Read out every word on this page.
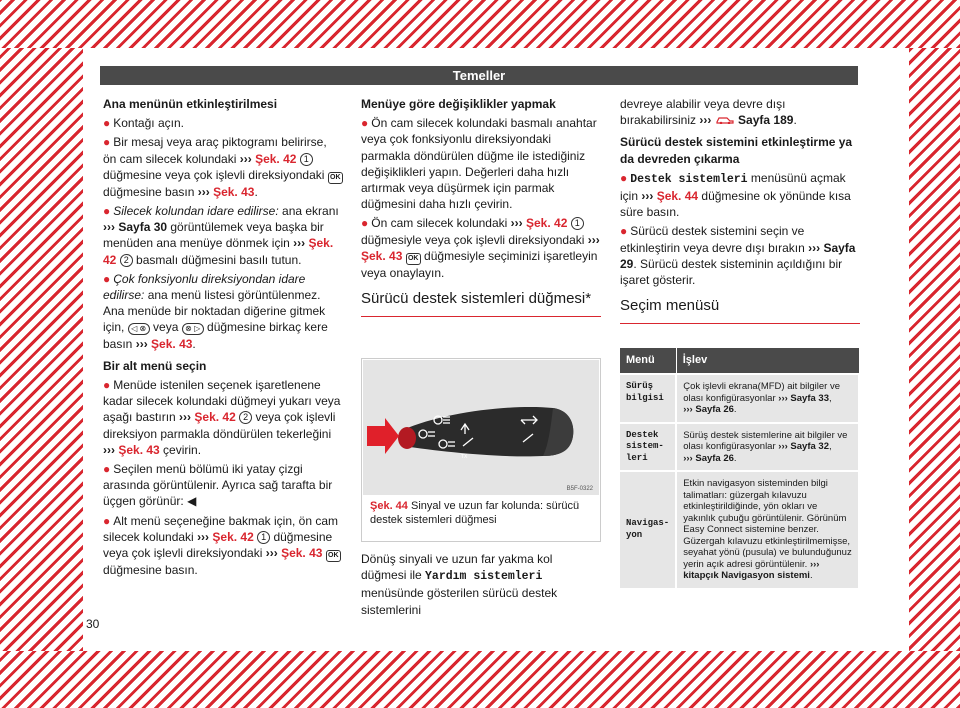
Temeller
Ana menünün etkinleştirilmesi

● Kontağı açın.

● Bir mesaj veya araç piktogramı belirirse, ön cam silecek kolundaki ››› Şek. 42 1 düğmesine veya çok işlevli direksiyondaki OK düğmesine basın ››› Şek. 43.

● Silecek kolundan idare edilirse: ana ekranı ››› Sayfa 30 görüntülemek veya başka bir menüden ana menüye dönmek için ››› Şek. 42 2 basmalı düğmesini basılı tutun.

● Çok fonksiyonlu direksiyondan idare edilirse: ana menü listesi görüntülenmez. Ana menüde bir noktadan diğerine gitmek için, ◁ ⊗ veya ⊗ ▷ düğmesine birkaç kere basın ››› Şek. 43.

Bir alt menü seçin

● Menüde istenilen seçenek işaretlenene kadar silecek kolundaki düğmeyi yukarı veya aşağı bastırın ››› Şek. 42 2 veya çok işlevli direksiyon parmakla döndürülen tekerleğini ››› Şek. 43 çevirin.

● Seçilen menü bölümü iki yatay çizgi arasında görüntülenir. Ayrıca sağ tarafta bir üçgen görünür: ◀

● Alt menü seçeneğine bakmak için, ön cam silecek kolundaki ››› Şek. 42 1 düğmesine veya çok işlevli direksiyondaki ››› Şek. 43 OK düğmesine basın.

Menüye göre değişiklikler yapmak

● Ön cam silecek kolundaki basmalı anahtar veya çok fonksiyonlu direksiyondaki parmakla döndürülen düğme ile istediğiniz değişiklikleri yapın. Değerleri daha hızlı artırmak veya düşürmek için parmak düğmesini daha hızlı çevirin.

● Ön cam silecek kolundaki ››› Şek. 42 1 düğmesiyle veya çok işlevli direksiyondaki ››› Şek. 43 OK düğmesiyle seçiminizi işaretleyin veya onaylayın.

Sürücü destek sistemleri düğmesi*
TX
B5F-0322
Şek. 44 Sinyal ve uzun far kolunda: sürücü destek sistemleri düğmesi

Dönüş sinyali ve uzun far yakma kol düğmesi ile Yardım sistemleri menüsünde gösterilen sürücü destek sistemlerini

devreye alabilir veya devre dışı bırakabilirsiniz ››› Sayfa 189.

Sürücü destek sistemini etkinleştirme ya da devreden çıkarma

● Destek sistemleri menüsünü açmak için ››› Şek. 44 düğmesine ok yönünde kısa süre basın.

● Sürücü destek sistemini seçin ve etkinleştirin veya devre dışı bırakın ››› Sayfa 29. Sürücü destek sisteminin açıldığını bir işaret gösterir.

Seçim menüsü
Menü	İşlev
Sürüş bilgisi	Çok işlevli ekrana(MFD) ait bilgiler ve olası konfigürasyonlar ››› Sayfa 33,
››› Sayfa 26.
Destek sistem-leri	Sürüş destek sistemlerine ait bilgiler ve olası konfigürasyonlar ››› Sayfa 32,
››› Sayfa 26.
Navigas-yon	Etkin navigasyon sisteminden bilgi talimatları: güzergah kılavuzu etkinleştirildiğinde, yön okları ve yakınlık çubuğu görüntülenir. Görünüm Easy Connect sistemine benzer.
Güzergah kılavuzu etkinleştirilmemişse, seyahat yönü (pusula) ve bulunduğunuz yerin açık adresi görüntülenir. ››› kitapçık Navigasyon sistemi.
30
